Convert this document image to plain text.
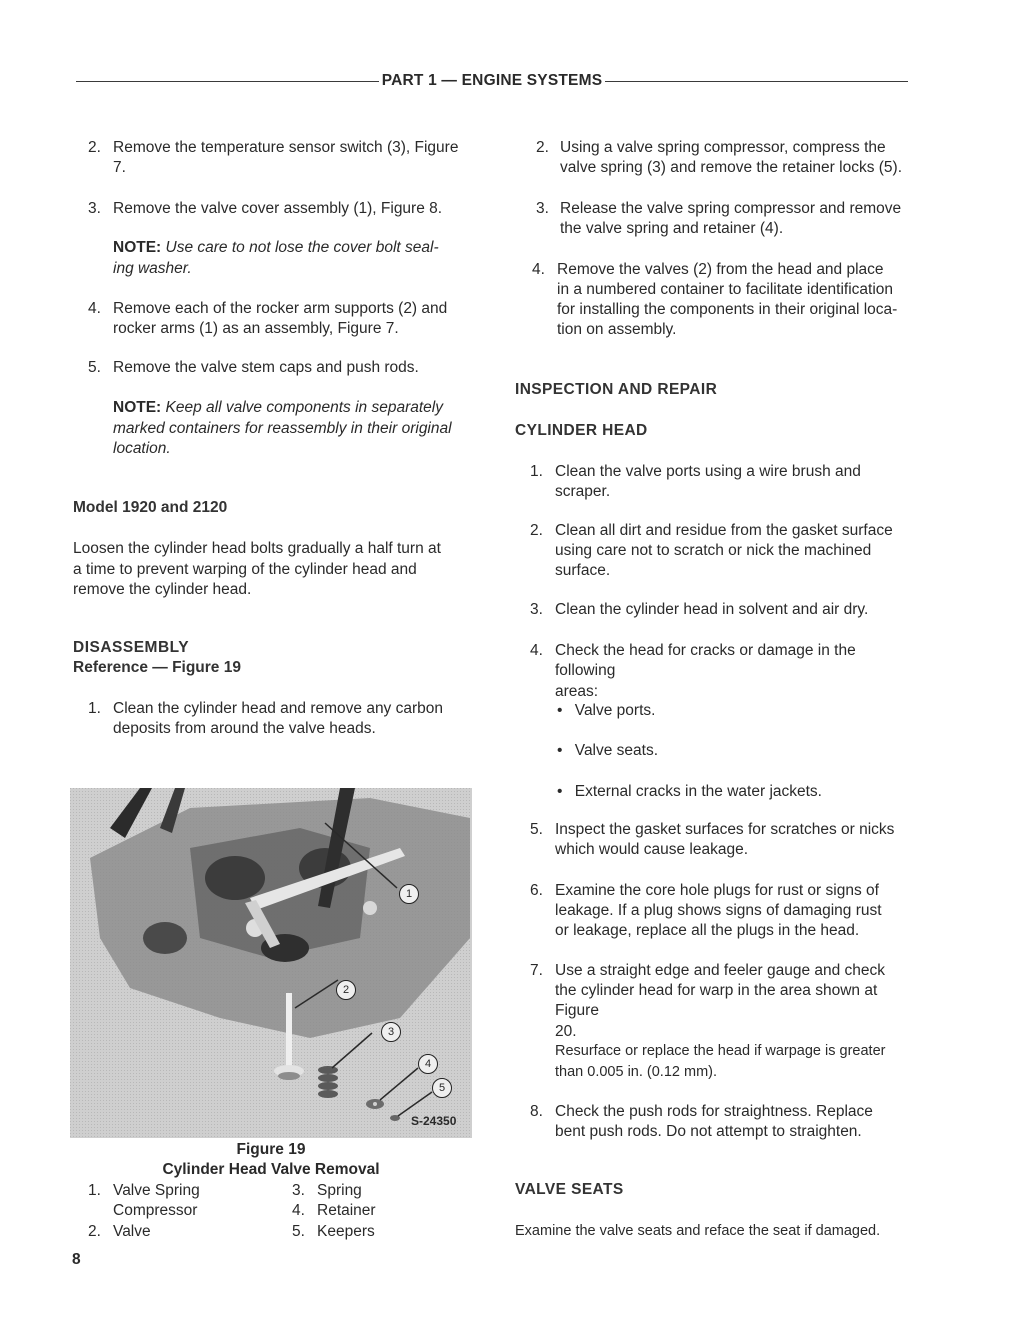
PART 1 — ENGINE SYSTEMS
2. Remove the temperature sensor switch (3), Figure
7.
3. Remove the valve cover assembly (1), Figure 8.
NOTE: Use care to not lose the cover bolt seal-
ing washer.
4. Remove each of the rocker arm supports (2) and
rocker arms (1) as an assembly, Figure 7.
5. Remove the valve stem caps and push rods.
NOTE: Keep all valve components in separately
marked containers for reassembly in their original
location.
Model 1920 and 2120
Loosen the cylinder head bolts gradually a half turn at
a time to prevent warping of the cylinder head and
remove the cylinder head.
DISASSEMBLY
Reference — Figure 19
1. Clean the cylinder head and remove any carbon
deposits from around the valve heads.
1
2
3
4
5
S-24350
Figure 19
Cylinder Head Valve Removal
1. Valve Spring
Compressor
2. Valve
3. Spring
4. Retainer
5. Keepers
8
2. Using a valve spring compressor, compress the
valve spring (3) and remove the retainer locks (5).
3. Release the valve spring compressor and remove
the valve spring and retainer (4).
4. Remove the valves (2) from the head and place
in a numbered container to facilitate identification
for installing the components in their original loca-
tion on assembly.
INSPECTION AND REPAIR
CYLINDER HEAD
1. Clean the valve ports using a wire brush and
scraper.
2. Clean all dirt and residue from the gasket surface
using care not to scratch or nick the machined
surface.
3. Clean the cylinder head in solvent and air dry.
4. Check the head for cracks or damage in the
following areas:
• Valve ports.
• Valve seats.
• External cracks in the water jackets.
5. Inspect the gasket surfaces for scratches or nicks
which would cause leakage.
6. Examine the core hole plugs for rust or signs of
leakage. If a plug shows signs of damaging rust
or leakage, replace all the plugs in the head.
7. Use a straight edge and feeler gauge and check
the cylinder head for warp in the area shown at
Figure 20.
Resurface or replace the head if warpage is greater
than 0.005 in. (0.12 mm).
8. Check the push rods for straightness. Replace
bent push rods. Do not attempt to straighten.
VALVE SEATS
Examine the valve seats and reface the seat if damaged.
